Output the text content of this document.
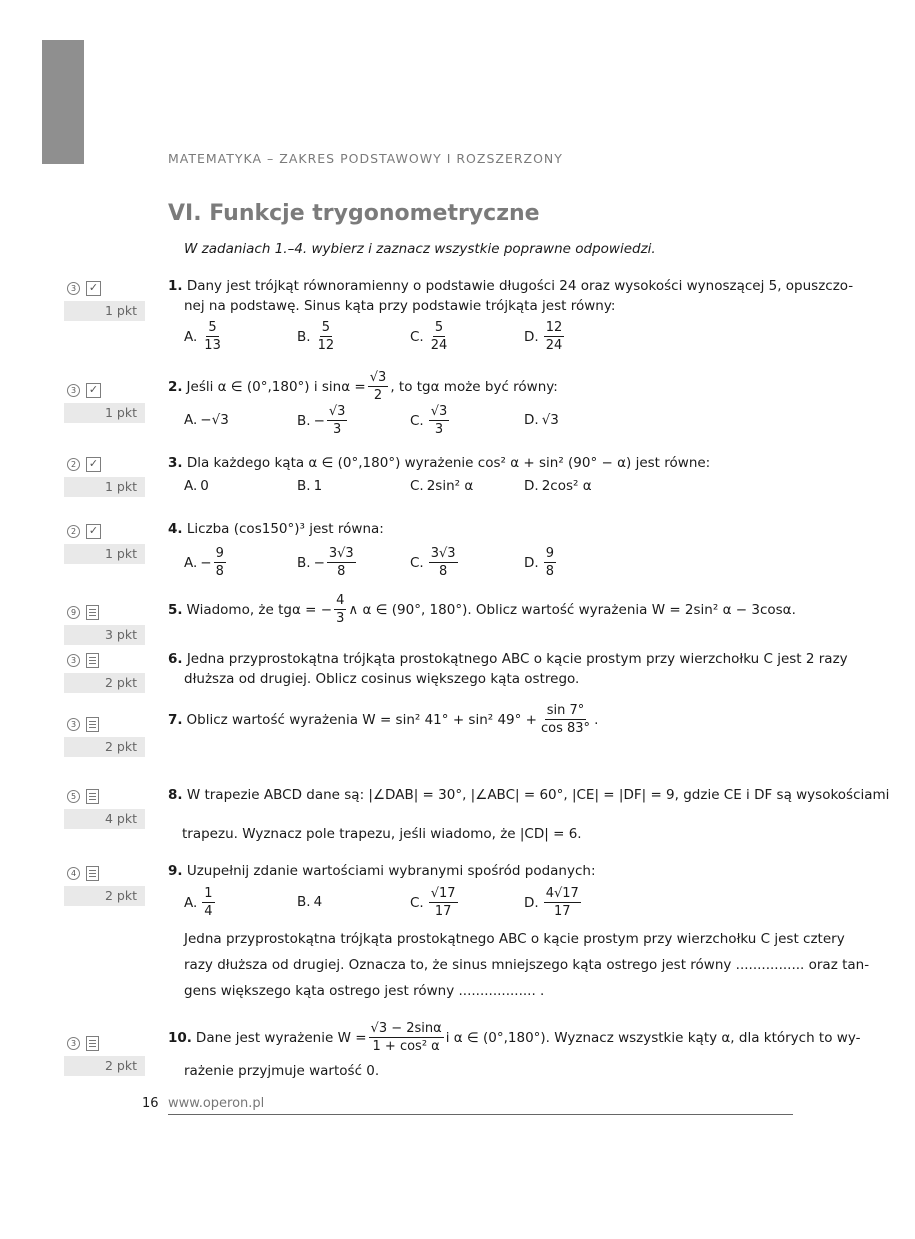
MATEMATYKA – ZAKRES PODSTAWOWY I ROZSZERZONY
VI. Funkcje trygonometryczne
W zadaniach 1.–4. wybierz i zaznacz wszystkie poprawne odpowiedzi.
3	✓
1 pkt
1. Dany jest trójkąt równoramienny o podstawie długości 24 oraz wysokości wynoszącej 5, opuszczo-
nej na podstawę. Sinus kąta przy podstawie trójkąta jest równy:
A. $\frac{5}{13}$	B. $\frac{5}{12}$	C. $\frac{5}{24}$	D. $\frac{12}{24}$
3	✓
1 pkt
2. Jeśli α ∈ (0°,180°) i $\sin\alpha = \frac{√3}{2}$ , to tgα może być równy:
A. −√3	B. − $\frac{√3}{3}$	C. $\frac{√3}{3}$	D. √3
2	✓
1 pkt
3. Dla każdego kąta α ∈ (0°,180°) wyrażenie cos² α + sin² (90° − α) jest równe:
A. 0	B. 1	C. 2sin² α	D. 2cos² α
2	✓
1 pkt
4. Liczba (cos150°)³ jest równa:
A. − $\frac{9}{8}$	B. − $\frac{3√3}{8}$	C. $\frac{3√3}{8}$	D. $\frac{9}{8}$
9
3 pkt
5. Wiadomo, że tgα = − $\frac{4}{3}$ ∧ α ∈ (90°, 180°). Oblicz wartość wyrażenia W = 2sin² α − 3cosα.
3
2 pkt
6. Jedna przyprostokątna trójkąta prostokątnego ABC o kącie prostym przy wierzchołku C jest 2 razy
dłuższa od drugiej. Oblicz cosinus większego kąta ostrego.
3
2 pkt
7. Oblicz wartość wyrażenia W = sin² 41° + sin² $49^\circ + \frac{\sin 7^\circ}{\cos 83^\circ}$ .
5
4 pkt
8. W trapezie ABCD dane są: |∠DAB| = 30°, |∠ABC| = 60°, |CE| = |DF| = 9, gdzie CE i DF są wysokościami
trapezu. Wyznacz pole trapezu, jeśli wiadomo, że |CD| = 6.
4
2 pkt
9. Uzupełnij zdanie wartościami wybranymi spośród podanych:
A. $\frac{1}{4}$	B. 4	C. $\frac{√17}{17}$	D. $\frac{4√17}{17}$
Jedna przyprostokątna trójkąta prostokątnego ABC o kącie prostym przy wierzchołku C jest cztery
razy dłuższa od drugiej. Oznacza to, że sinus mniejszego kąta ostrego jest równy ................ oraz tan-
gens większego kąta ostrego jest równy .................. .
3
2 pkt
10. Dane jest wyrażenie $W = \frac{√3 - 2\sin\alpha}{\text{1 + cos² α}}$ i α ∈ (0°,180°). Wyznacz wszystkie kąty α, dla których to wy-
rażenie przyjmuje wartość 0.
16 www.operon.pl
